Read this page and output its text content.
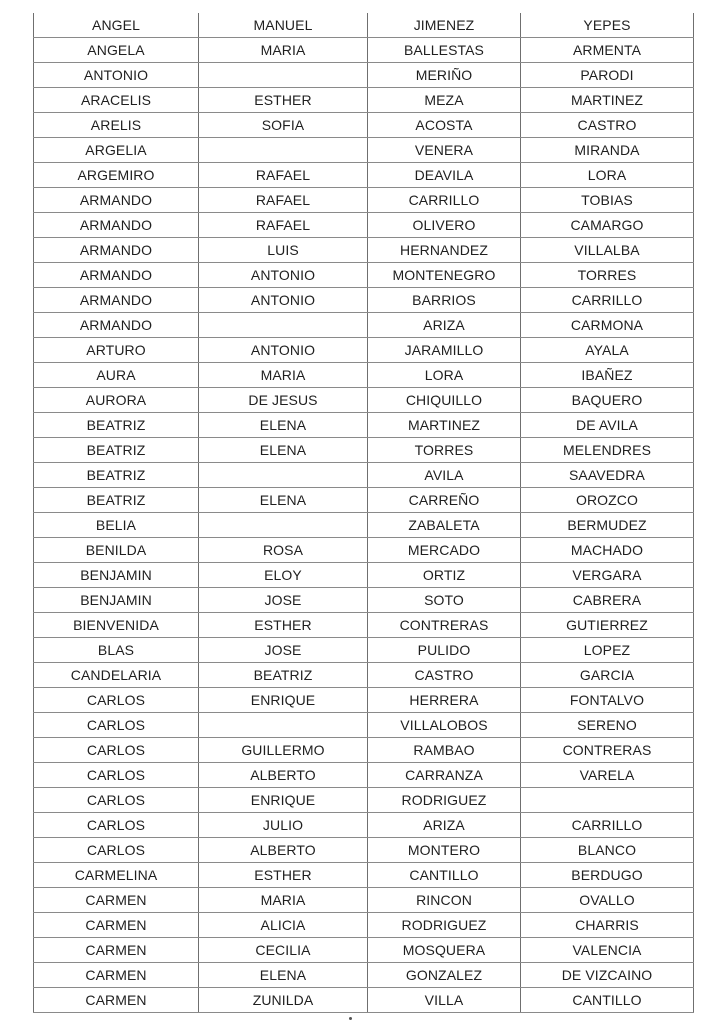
ANGEL	MANUEL	JIMENEZ	YEPES
ANGELA	MARIA	BALLESTAS	ARMENTA
ANTONIO		MERIÑO	PARODI
ARACELIS	ESTHER	MEZA	MARTINEZ
ARELIS	SOFIA	ACOSTA	CASTRO
ARGELIA		VENERA	MIRANDA
ARGEMIRO	RAFAEL	DEAVILA	LORA
ARMANDO	RAFAEL	CARRILLO	TOBIAS
ARMANDO	RAFAEL	OLIVERO	CAMARGO
ARMANDO	LUIS	HERNANDEZ	VILLALBA
ARMANDO	ANTONIO	MONTENEGRO	TORRES
ARMANDO	ANTONIO	BARRIOS	CARRILLO
ARMANDO		ARIZA	CARMONA
ARTURO	ANTONIO	JARAMILLO	AYALA
AURA	MARIA	LORA	IBAÑEZ
AURORA	DE JESUS	CHIQUILLO	BAQUERO
BEATRIZ	ELENA	MARTINEZ	DE AVILA
BEATRIZ	ELENA	TORRES	MELENDRES
BEATRIZ		AVILA	SAAVEDRA
BEATRIZ	ELENA	CARREÑO	OROZCO
BELIA		ZABALETA	BERMUDEZ
BENILDA	ROSA	MERCADO	MACHADO
BENJAMIN	ELOY	ORTIZ	VERGARA
BENJAMIN	JOSE	SOTO	CABRERA
BIENVENIDA	ESTHER	CONTRERAS	GUTIERREZ
BLAS	JOSE	PULIDO	LOPEZ
CANDELARIA	BEATRIZ	CASTRO	GARCIA
CARLOS	ENRIQUE	HERRERA	FONTALVO
CARLOS		VILLALOBOS	SERENO
CARLOS	GUILLERMO	RAMBAO	CONTRERAS
CARLOS	ALBERTO	CARRANZA	VARELA
CARLOS	ENRIQUE	RODRIGUEZ	
CARLOS	JULIO	ARIZA	CARRILLO
CARLOS	ALBERTO	MONTERO	BLANCO
CARMELINA	ESTHER	CANTILLO	BERDUGO
CARMEN	MARIA	RINCON	OVALLO
CARMEN	ALICIA	RODRIGUEZ	CHARRIS
CARMEN	CECILIA	MOSQUERA	VALENCIA
CARMEN	ELENA	GONZALEZ	DE VIZCAINO
CARMEN	ZUNILDA	VILLA	CANTILLO
